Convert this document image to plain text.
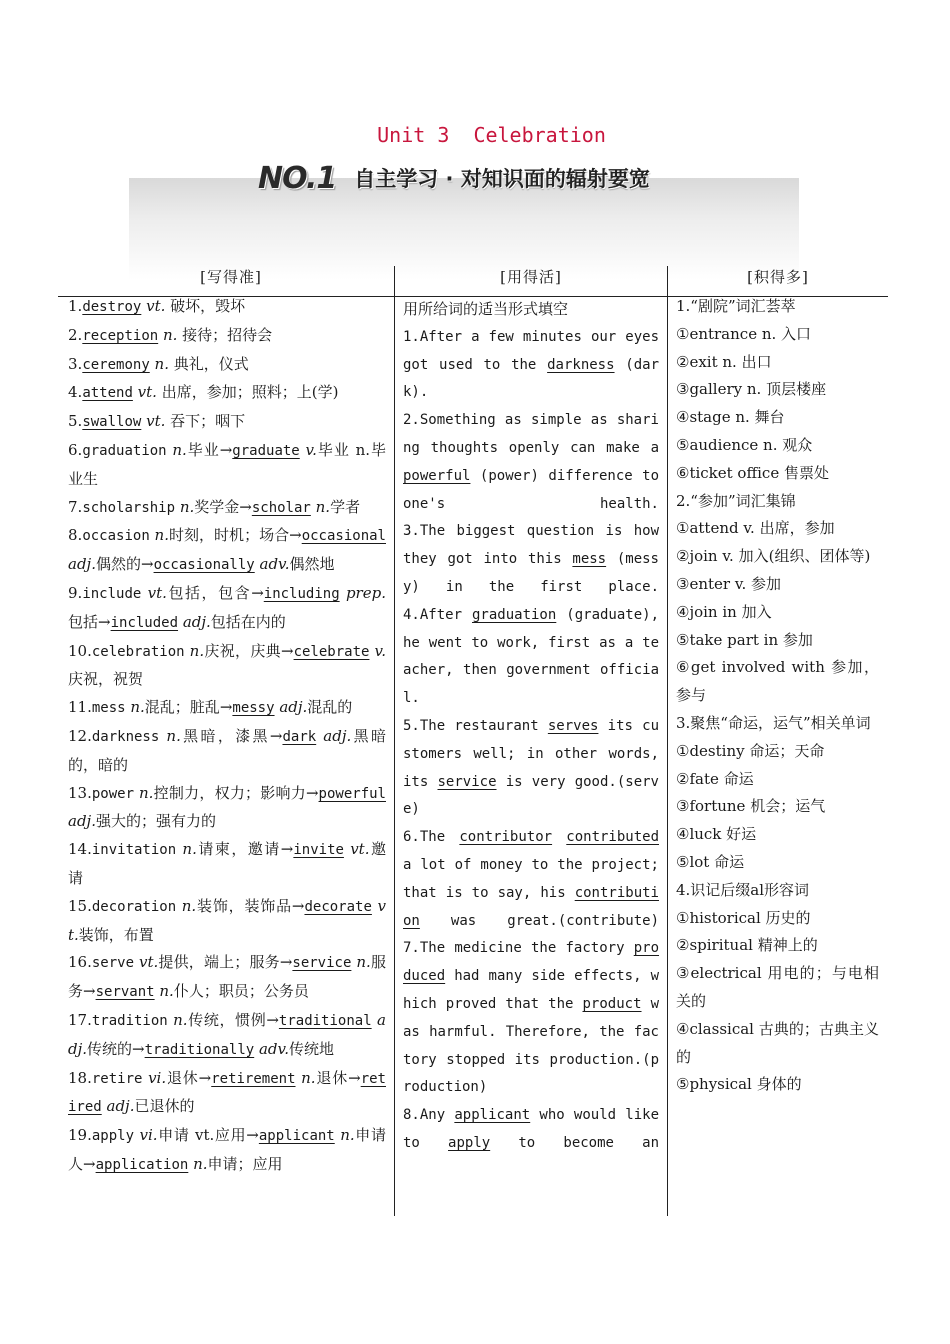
Unit 3  Celebration
NO.1 自主学习 · 对知识面的辐射要宽
[写得准]	[用得活]	[积得多]

1.destroy vt. 破坏，毁坏

2.reception n. 接待；招待会

3.ceremony n. 典礼，仪式

4.attend vt. 出席，参加；照料；上(学)

5.swallow vt. 吞下；咽下

6.graduation n.毕业→graduate v.毕业 n.毕业生

7.scholarship n.奖学金→scholar n.学者

8.occasion n.时刻，时机；场合→occasional adj.偶然的→occasionally adv.偶然地

9.include vt.包括，包含→including prep.包括→included adj.包括在内的

10.celebration n.庆祝，庆典→celebrate v.庆祝，祝贺

11.mess n.混乱；脏乱→messy adj.混乱的

12.darkness n.黑暗，漆黑→dark adj.黑暗的，暗的

13.power n.控制力，权力；影响力→powerful adj.强大的；强有力的

14.invitation n.请柬，邀请→invite vt.邀请

15.decoration n.装饰，装饰品→decorate vt.装饰，布置

16.serve vt.提供，端上；服务→service n.服务→servant n.仆人；职员；公务员

17.tradition n.传统，惯例→traditional adj.传统的→traditionally adv.传统地

18.retire vi.退休→retirement n.退休→retired adj.已退休的

19.apply vi.申请 vt.应用→applicant n.申请人→application n.申请；应用

用所给词的适当形式填空

1.After a few minutes our eyes got used to the darkness (dark).

2.Something as simple as sharing thoughts openly can make a powerful (power) difference to one's	health.

3.The biggest question is how they got into this mess (messy) in the first place.

4.After graduation (graduate), he went to work, first as a teacher, then government official.

5.The restaurant serves its customers well; in other words, its service is very good.(serve)

6.The contributor contributed a lot of money to the project; that is to say, his contribution was great.(contribute)

7.The medicine the factory produced had many side effects, which proved that the product was harmful. Therefore, the factory stopped its production.(production)

8.Any applicant who would like to apply to become an

1.“剧院”词汇荟萃

①entrance n. 入口

②exit n. 出口

③gallery n. 顶层楼座

④stage n. 舞台

⑤audience n. 观众

⑥ticket office 售票处

2.“参加”词汇集锦

①attend v. 出席，参加

②join v. 加入(组织、团体等)

③enter v. 参加

④join in 加入

⑤take part in 参加

⑥get involved with 参加，参与

3.聚焦“命运，运气”相关单词

①destiny 命运；天命

②fate 命运

③fortune 机会；运气

④luck 好运

⑤lot 命运

4.识记后缀al形容词

①historical 历史的

②spiritual 精神上的

③electrical 用电的；与电相关的

④classical 古典的；古典主义的

⑤physical 身体的
